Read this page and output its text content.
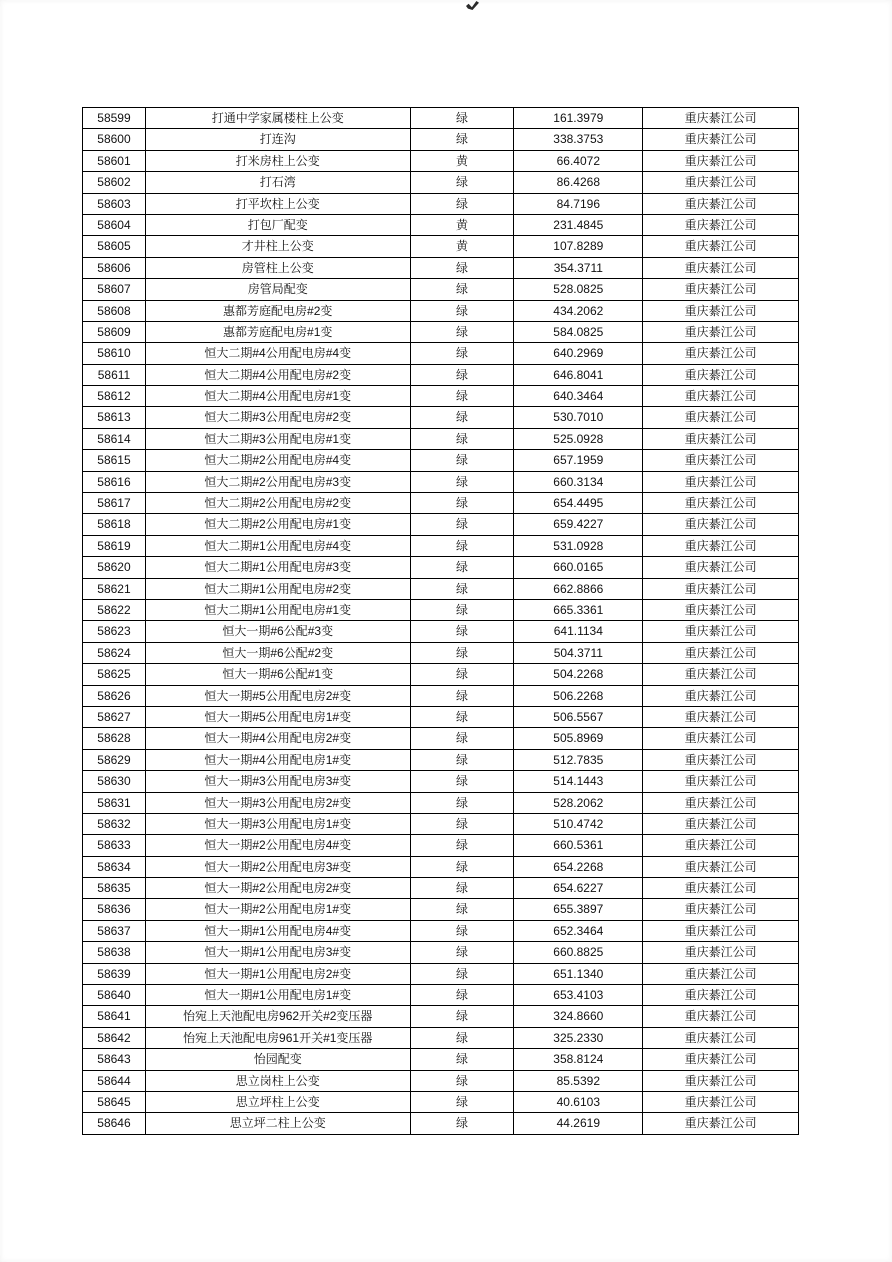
58599	打通中学家属楼柱上公变	绿	161.3979	重庆綦江公司
58600	打连沟	绿	338.3753	重庆綦江公司
58601	打米房柱上公变	黄	66.4072	重庆綦江公司
58602	打石湾	绿	86.4268	重庆綦江公司
58603	打平坎柱上公变	绿	84.7196	重庆綦江公司
58604	打包厂配变	黄	231.4845	重庆綦江公司
58605	才井柱上公变	黄	107.8289	重庆綦江公司
58606	房管柱上公变	绿	354.3711	重庆綦江公司
58607	房管局配变	绿	528.0825	重庆綦江公司
58608	惠都芳庭配电房#2变	绿	434.2062	重庆綦江公司
58609	惠都芳庭配电房#1变	绿	584.0825	重庆綦江公司
58610	恒大二期#4公用配电房#4变	绿	640.2969	重庆綦江公司
58611	恒大二期#4公用配电房#2变	绿	646.8041	重庆綦江公司
58612	恒大二期#4公用配电房#1变	绿	640.3464	重庆綦江公司
58613	恒大二期#3公用配电房#2变	绿	530.7010	重庆綦江公司
58614	恒大二期#3公用配电房#1变	绿	525.0928	重庆綦江公司
58615	恒大二期#2公用配电房#4变	绿	657.1959	重庆綦江公司
58616	恒大二期#2公用配电房#3变	绿	660.3134	重庆綦江公司
58617	恒大二期#2公用配电房#2变	绿	654.4495	重庆綦江公司
58618	恒大二期#2公用配电房#1变	绿	659.4227	重庆綦江公司
58619	恒大二期#1公用配电房#4变	绿	531.0928	重庆綦江公司
58620	恒大二期#1公用配电房#3变	绿	660.0165	重庆綦江公司
58621	恒大二期#1公用配电房#2变	绿	662.8866	重庆綦江公司
58622	恒大二期#1公用配电房#1变	绿	665.3361	重庆綦江公司
58623	恒大一期#6公配#3变	绿	641.1134	重庆綦江公司
58624	恒大一期#6公配#2变	绿	504.3711	重庆綦江公司
58625	恒大一期#6公配#1变	绿	504.2268	重庆綦江公司
58626	恒大一期#5公用配电房2#变	绿	506.2268	重庆綦江公司
58627	恒大一期#5公用配电房1#变	绿	506.5567	重庆綦江公司
58628	恒大一期#4公用配电房2#变	绿	505.8969	重庆綦江公司
58629	恒大一期#4公用配电房1#变	绿	512.7835	重庆綦江公司
58630	恒大一期#3公用配电房3#变	绿	514.1443	重庆綦江公司
58631	恒大一期#3公用配电房2#变	绿	528.2062	重庆綦江公司
58632	恒大一期#3公用配电房1#变	绿	510.4742	重庆綦江公司
58633	恒大一期#2公用配电房4#变	绿	660.5361	重庆綦江公司
58634	恒大一期#2公用配电房3#变	绿	654.2268	重庆綦江公司
58635	恒大一期#2公用配电房2#变	绿	654.6227	重庆綦江公司
58636	恒大一期#2公用配电房1#变	绿	655.3897	重庆綦江公司
58637	恒大一期#1公用配电房4#变	绿	652.3464	重庆綦江公司
58638	恒大一期#1公用配电房3#变	绿	660.8825	重庆綦江公司
58639	恒大一期#1公用配电房2#变	绿	651.1340	重庆綦江公司
58640	恒大一期#1公用配电房1#变	绿	653.4103	重庆綦江公司
58641	怡宛上天池配电房962开关#2变压器	绿	324.8660	重庆綦江公司
58642	怡宛上天池配电房961开关#1变压器	绿	325.2330	重庆綦江公司
58643	怡园配变	绿	358.8124	重庆綦江公司
58644	思立岗柱上公变	绿	85.5392	重庆綦江公司
58645	思立坪柱上公变	绿	40.6103	重庆綦江公司
58646	思立坪二柱上公变	绿	44.2619	重庆綦江公司
